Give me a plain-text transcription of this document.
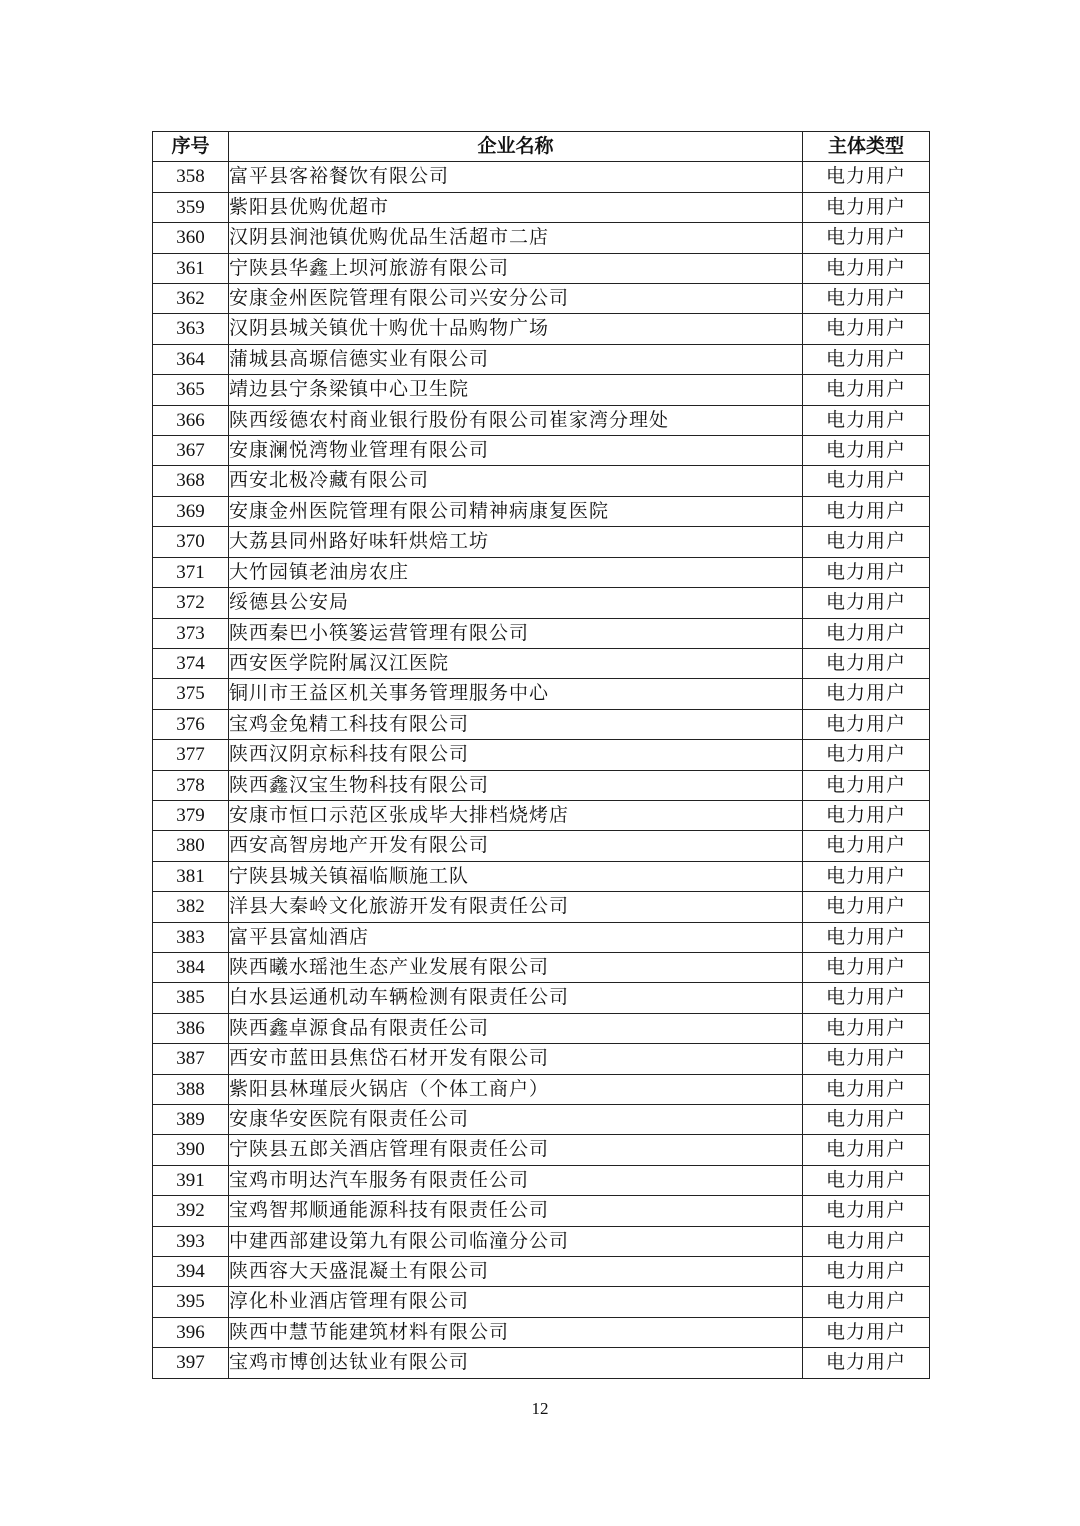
序号	企业名称	主体类型
358	富平县客裕餐饮有限公司	电力用户
359	紫阳县优购优超市	电力用户
360	汉阴县涧池镇优购优品生活超市二店	电力用户
361	宁陕县华鑫上坝河旅游有限公司	电力用户
362	安康金州医院管理有限公司兴安分公司	电力用户
363	汉阴县城关镇优十购优十品购物广场	电力用户
364	蒲城县高塬信德实业有限公司	电力用户
365	靖边县宁条梁镇中心卫生院	电力用户
366	陕西绥德农村商业银行股份有限公司崔家湾分理处	电力用户
367	安康澜悦湾物业管理有限公司	电力用户
368	西安北极冷藏有限公司	电力用户
369	安康金州医院管理有限公司精神病康复医院	电力用户
370	大荔县同州路好味轩烘焙工坊	电力用户
371	大竹园镇老油房农庄	电力用户
372	绥德县公安局	电力用户
373	陕西秦巴小筷篓运营管理有限公司	电力用户
374	西安医学院附属汉江医院	电力用户
375	铜川市王益区机关事务管理服务中心	电力用户
376	宝鸡金兔精工科技有限公司	电力用户
377	陕西汉阴京标科技有限公司	电力用户
378	陕西鑫汉宝生物科技有限公司	电力用户
379	安康市恒口示范区张成毕大排档烧烤店	电力用户
380	西安高智房地产开发有限公司	电力用户
381	宁陕县城关镇福临顺施工队	电力用户
382	洋县大秦岭文化旅游开发有限责任公司	电力用户
383	富平县富灿酒店	电力用户
384	陕西曦水瑶池生态产业发展有限公司	电力用户
385	白水县运通机动车辆检测有限责任公司	电力用户
386	陕西鑫卓源食品有限责任公司	电力用户
387	西安市蓝田县焦岱石材开发有限公司	电力用户
388	紫阳县林瑾辰火锅店（个体工商户）	电力用户
389	安康华安医院有限责任公司	电力用户
390	宁陕县五郎关酒店管理有限责任公司	电力用户
391	宝鸡市明达汽车服务有限责任公司	电力用户
392	宝鸡智邦顺通能源科技有限责任公司	电力用户
393	中建西部建设第九有限公司临潼分公司	电力用户
394	陕西容大天盛混凝土有限公司	电力用户
395	淳化朴业酒店管理有限公司	电力用户
396	陕西中慧节能建筑材料有限公司	电力用户
397	宝鸡市博创达钛业有限公司	电力用户
12
